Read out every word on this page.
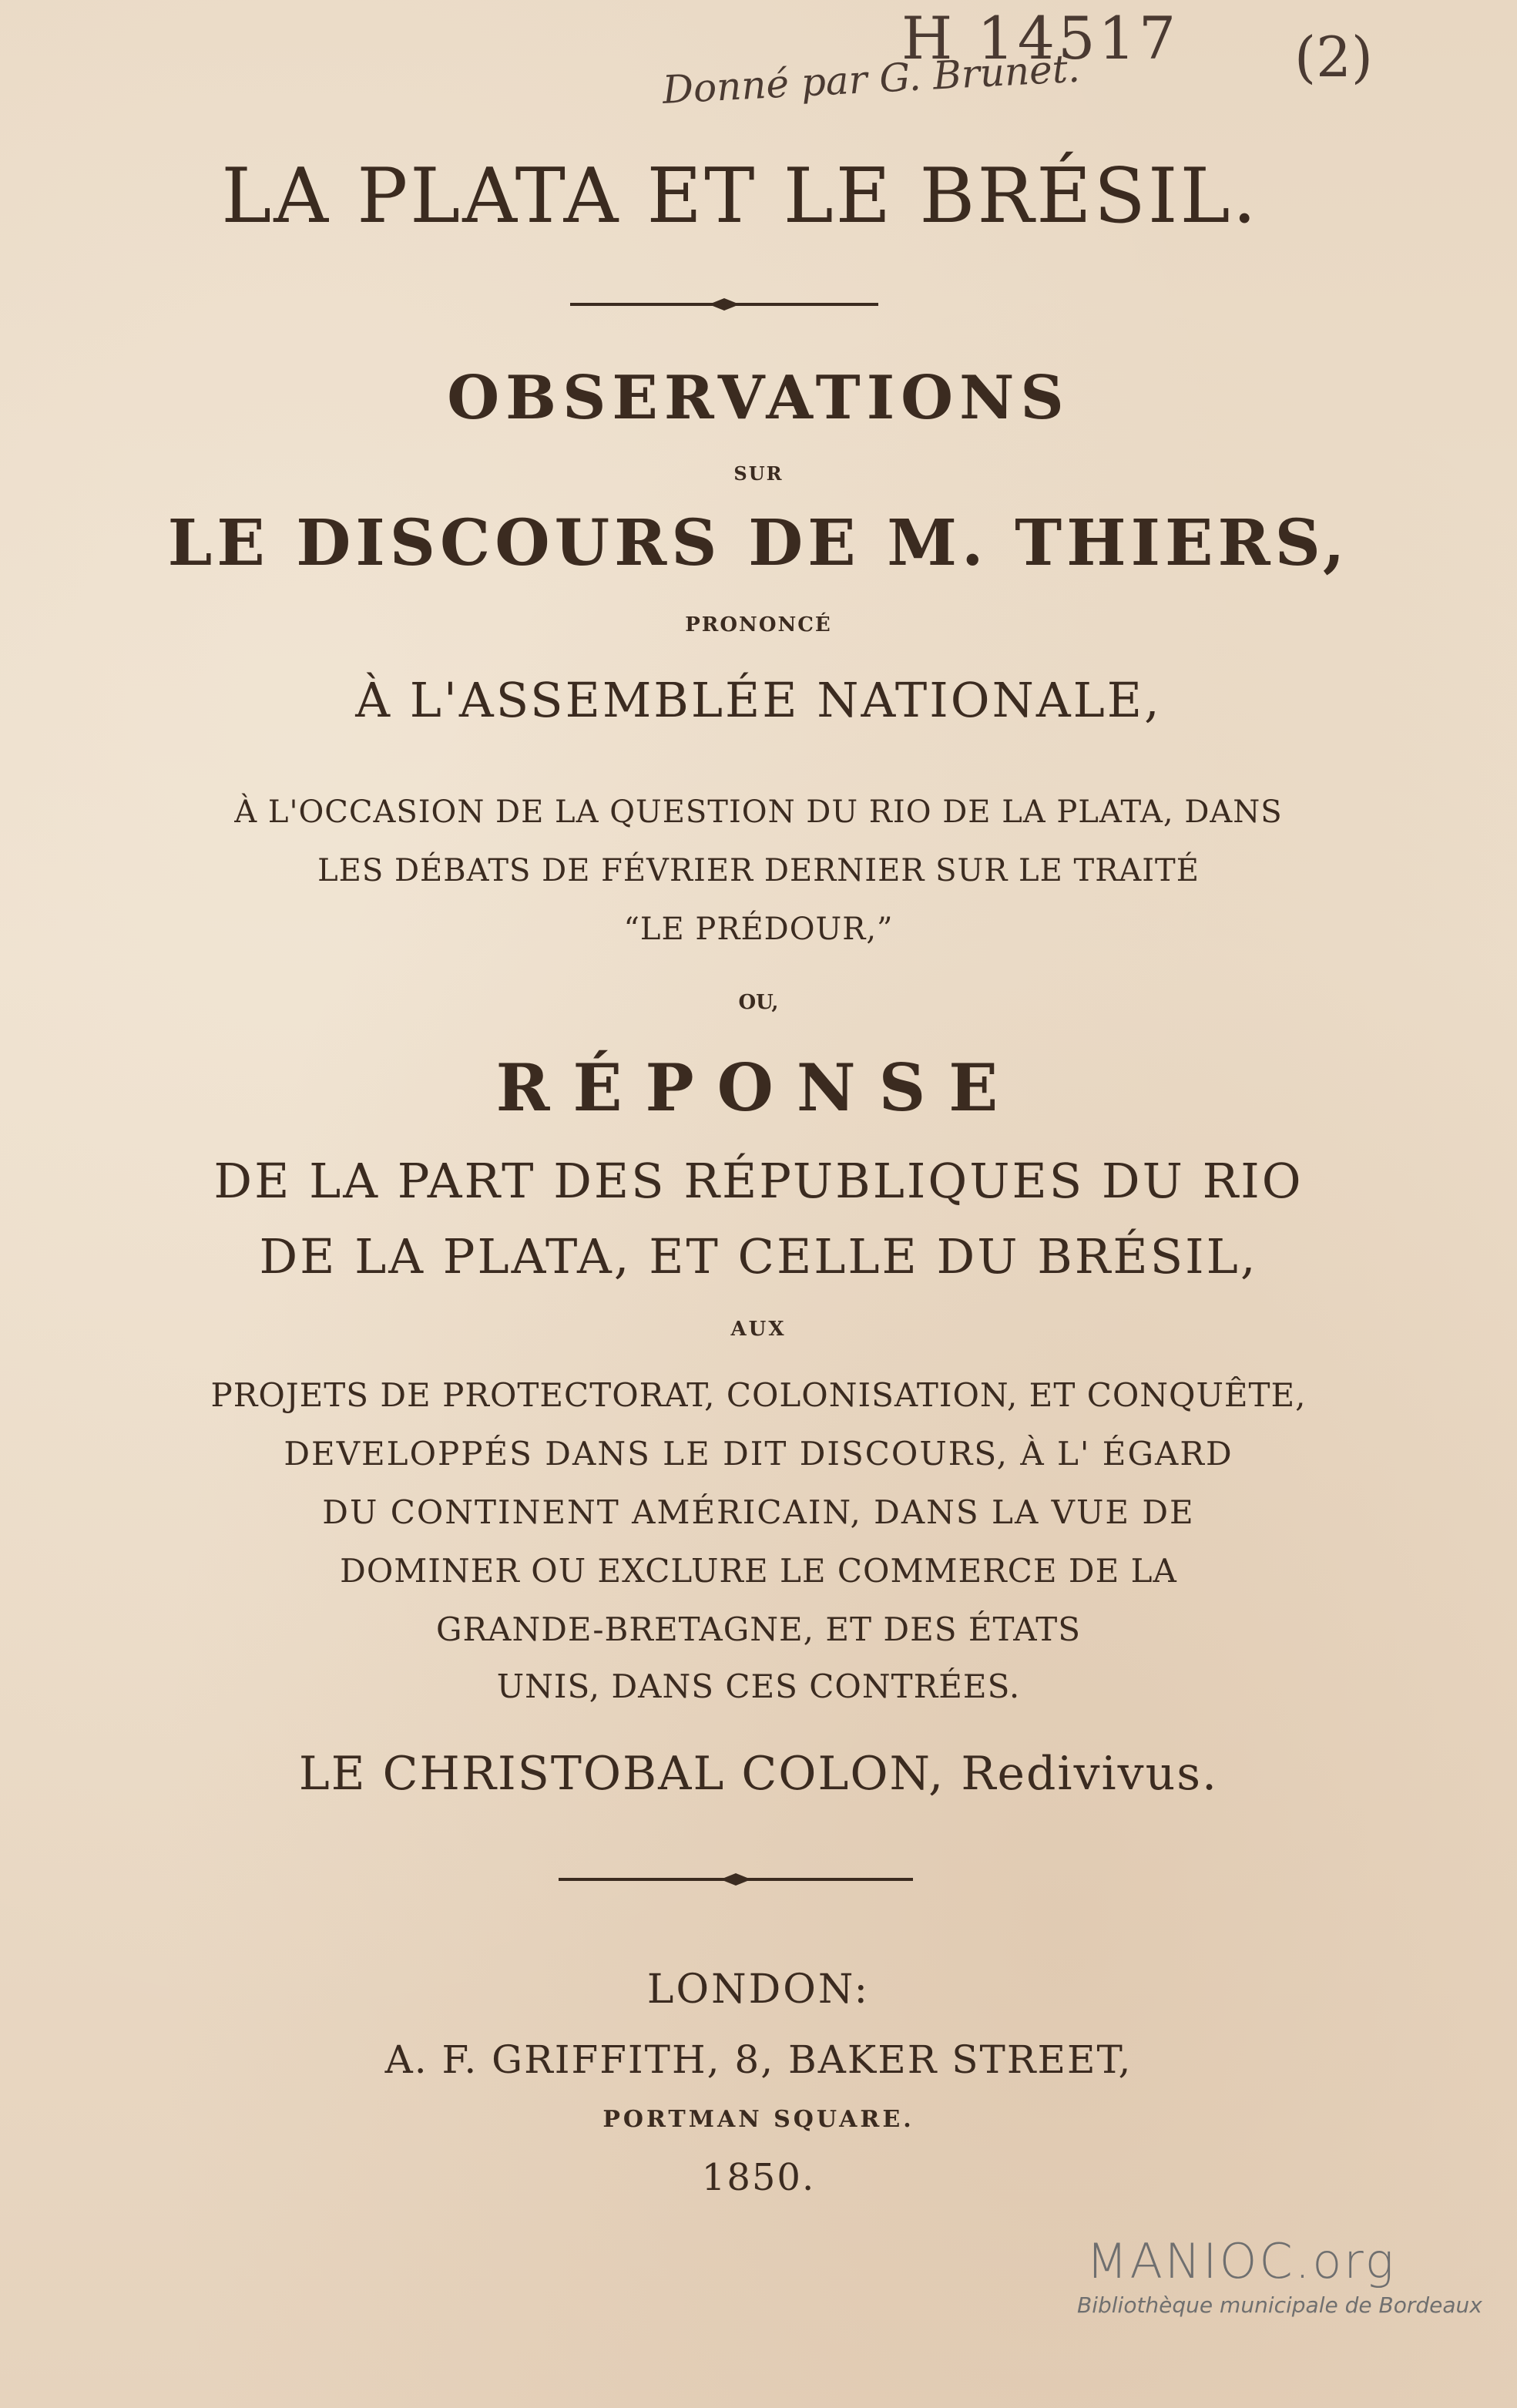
H 14517 (2)
Donné par G. Brunet.
LA PLATA ET LE BRÉSIL.
OBSERVATIONS
SUR
LE DISCOURS DE M. THIERS,
PRONONCÉ
À L'ASSEMBLÉE NATIONALE,
À L'OCCASION DE LA QUESTION DU RIO DE LA PLATA, DANS
LES DÉBATS DE FÉVRIER DERNIER SUR LE TRAITÉ
“LE PRÉDOUR,”
OU,
RÉPONSE
DE LA PART DES RÉPUBLIQUES DU RIO
DE LA PLATA, ET CELLE DU BRÉSIL,
AUX
PROJETS DE PROTECTORAT, COLONISATION, ET CONQUÊTE,
DEVELOPPÉS DANS LE DIT DISCOURS, À L' ÉGARD
DU CONTINENT AMÉRICAIN, DANS LA VUE DE
DOMINER OU EXCLURE LE COMMERCE DE LA
GRANDE-BRETAGNE, ET DES ÉTATS
UNIS, DANS CES CONTRÉES.
LE CHRISTOBAL COLON, Redivivus.
LONDON:
A. F. GRIFFITH, 8, BAKER STREET,
PORTMAN SQUARE.
1850.
MANIOC.org
Bibliothèque municipale de Bordeaux
